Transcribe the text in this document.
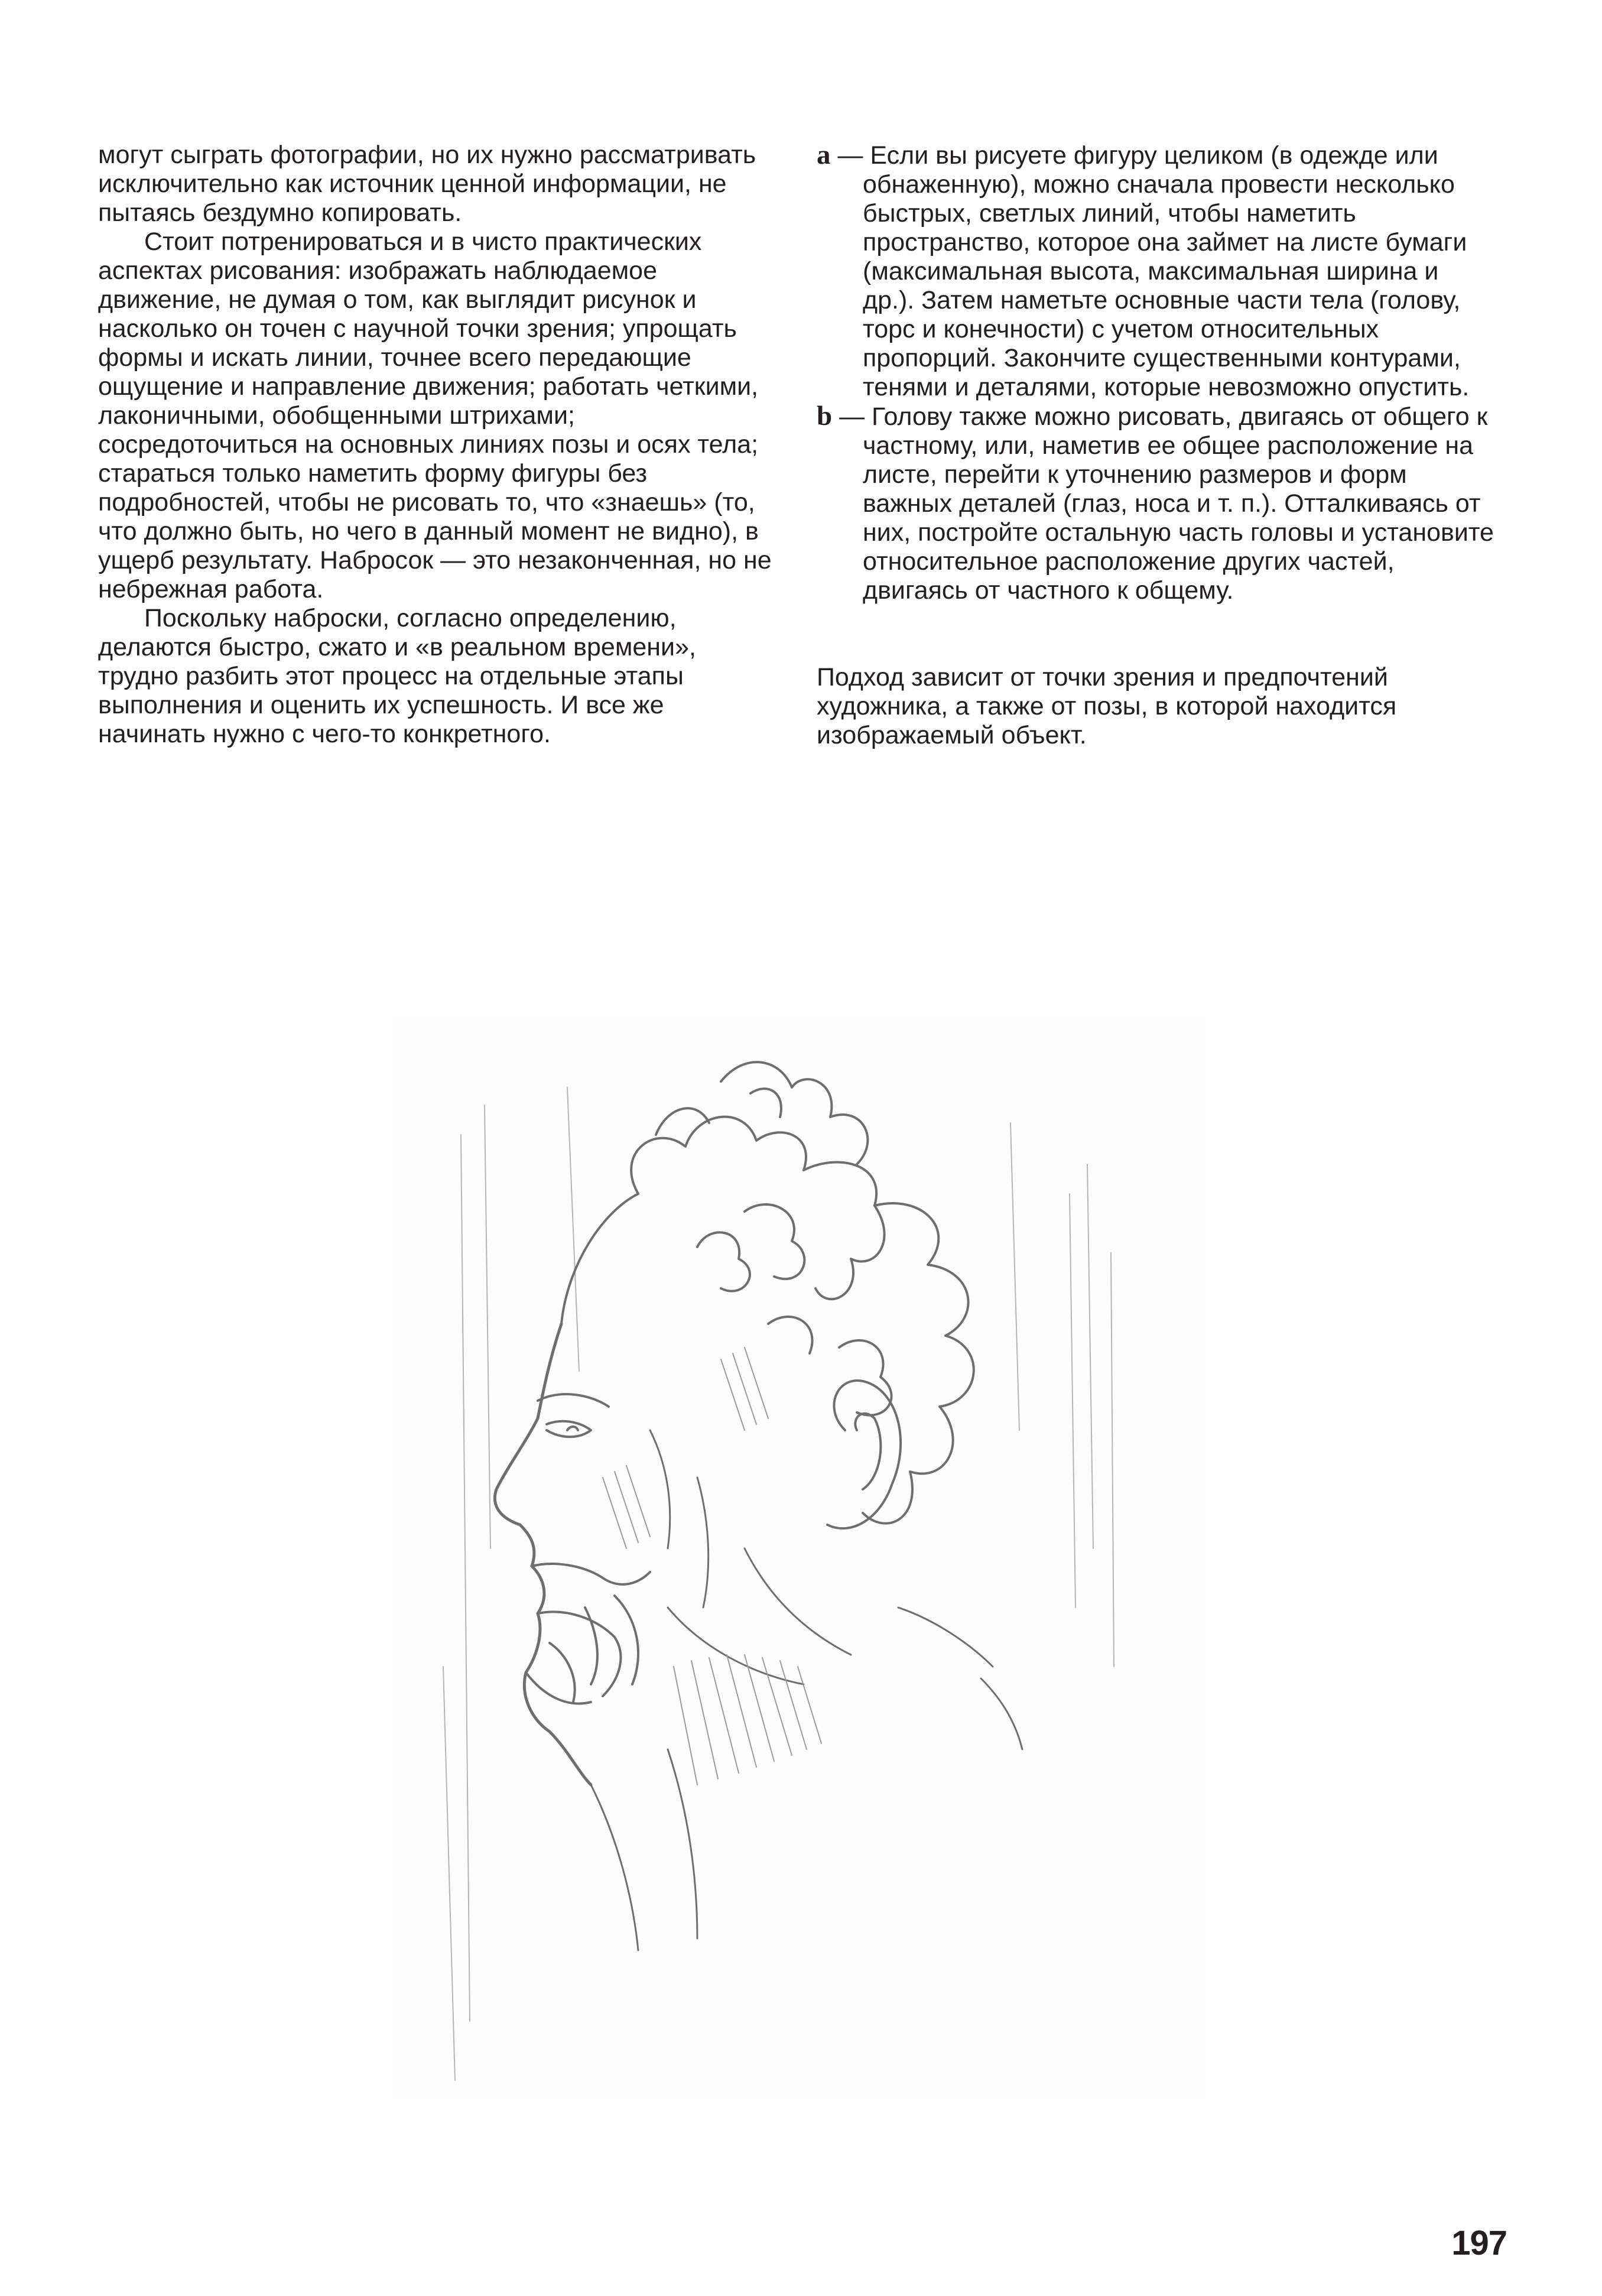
могут сыграть фотографии, но их нужно рассматривать исключительно как источник ценной информации, не пытаясь бездумно копировать.

Стоит потренироваться и в чисто практических аспектах рисования: изображать наблюдаемое движение, не думая о том, как выглядит рисунок и насколько он точен с научной точки зрения; упрощать формы и искать линии, точнее всего передающие ощущение и направление движения; работать четкими, лаконичными, обобщенными штрихами; сосредоточиться на основных линиях позы и осях тела; стараться только наметить форму фигуры без подробностей, чтобы не рисовать то, что «знаешь» (то, что должно быть, но чего в данный момент не видно), в ущерб результату. Набросок — это незаконченная, но не небрежная работа.

Поскольку наброски, согласно определению, делаются быстро, сжато и «в реальном времени», трудно разбить этот процесс на отдельные этапы выполнения и оценить их успешность. И все же начинать нужно с чего-то конкретного.

a — Если вы рисуете фигуру целиком (в одежде или обнаженную), можно сначала провести несколько быстрых, светлых линий, чтобы наметить пространство, которое она займет на листе бумаги (максимальная высота, максимальная ширина и др.). Затем наметьте основные части тела (голову, торс и конечности) с учетом относительных пропорций. Закончите существенными контурами, тенями и деталями, которые невозможно опустить.

b — Голову также можно рисовать, двигаясь от общего к частному, или, наметив ее общее расположение на листе, перейти к уточнению размеров и форм важных деталей (глаз, носа и т. п.). Отталкиваясь от них, постройте остальную часть головы и установите относительное расположение других частей, двигаясь от частного к общему.

Подход зависит от точки зрения и предпочтений художника, а также от позы, в которой находится изображаемый объект.

197
